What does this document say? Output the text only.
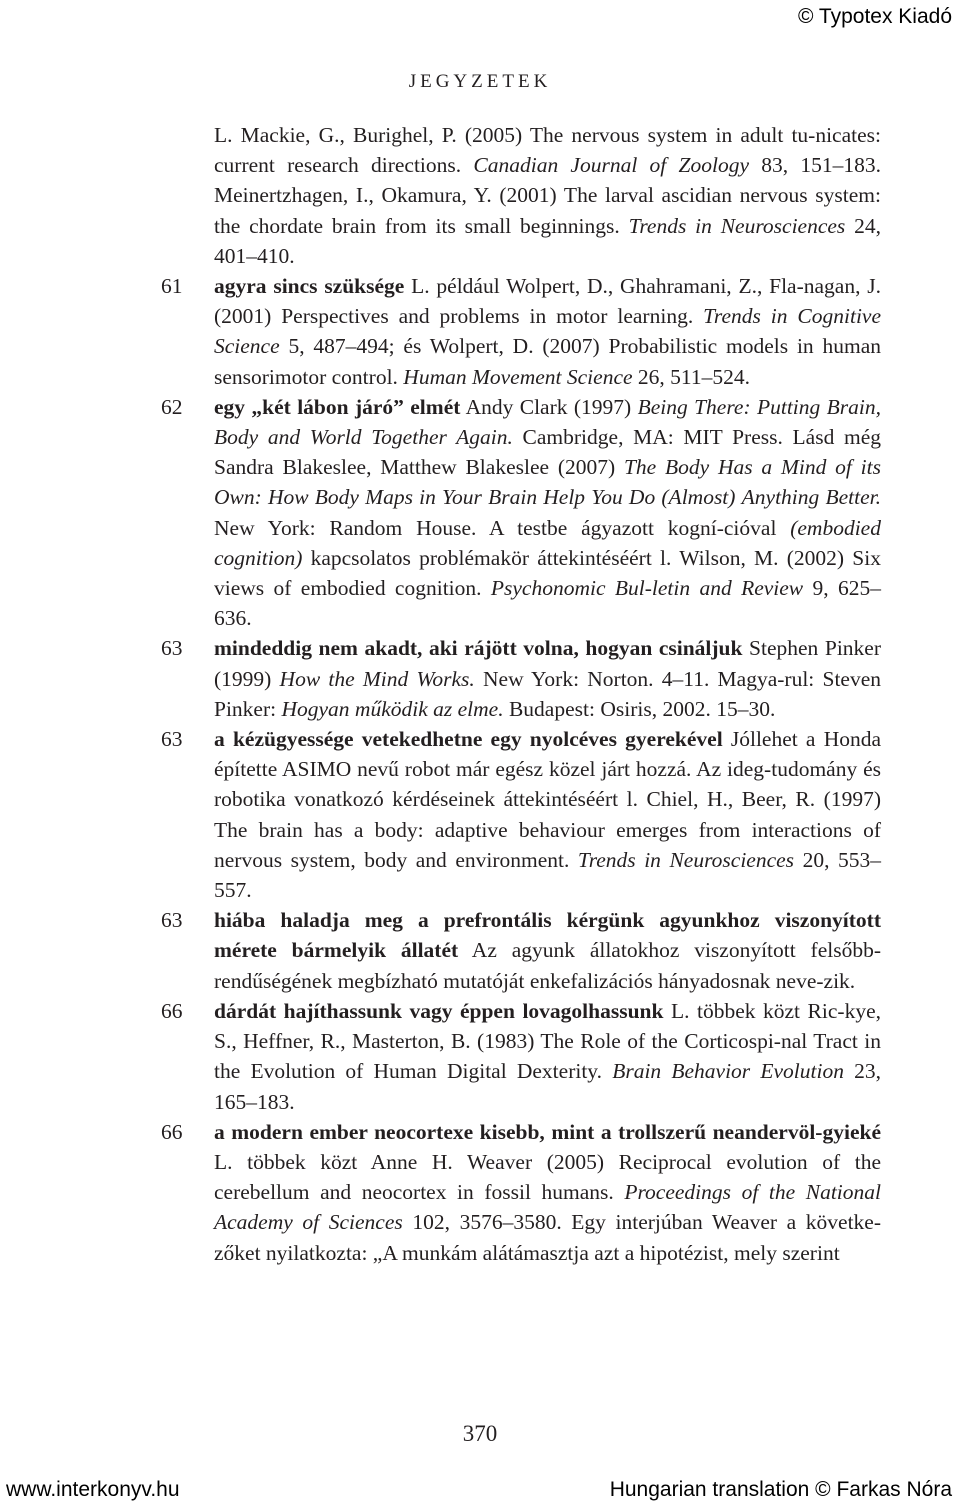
© Typotex Kiadó
JEGYZETEK
L. Mackie, G., Burighel, P. (2005) The nervous system in adult tu-nicates: current research directions. Canadian Journal of Zoology 83, 151–183. Meinertzhagen, I., Okamura, Y. (2001) The larval ascidian nervous system: the chordate brain from its small beginnings. Trends in Neurosciences 24, 401–410.
61	agyra sincs szüksége L. például Wolpert, D., Ghahramani, Z., Fla-nagan, J. (2001) Perspectives and problems in motor learning. Trends in Cognitive Science 5, 487–494; és Wolpert, D. (2007) Probabilistic models in human sensorimotor control. Human Movement Science 26, 511–524.
62	egy „két lábon járó” elmét Andy Clark (1997) Being There: Putting Brain, Body and World Together Again. Cambridge, MA: MIT Press. Lásd még Sandra Blakeslee, Matthew Blakeslee (2007) The Body Has a Mind of its Own: How Body Maps in Your Brain Help You Do (Almost) Anything Better. New York: Random House. A testbe ágyazott kogní-cióval (embodied cognition) kapcsolatos problémakör áttekintéséért l. Wilson, M. (2002) Six views of embodied cognition. Psychonomic Bul-letin and Review 9, 625–636.
63	mindeddig nem akadt, aki rájött volna, hogyan csináljuk Stephen Pinker (1999) How the Mind Works. New York: Norton. 4–11. Magya-rul: Steven Pinker: Hogyan működik az elme. Budapest: Osiris, 2002. 15–30.
63	a kézügyessége vetekedhetne egy nyolcéves gyerekével Jóllehet a Honda építette ASIMO nevű robot már egész közel járt hozzá. Az ideg-tudomány és robotika vonatkozó kérdéseinek áttekintéséért l. Chiel, H., Beer, R. (1997) The brain has a body: adaptive behaviour emerges from interactions of nervous system, body and environment. Trends in Neurosciences 20, 553–557.
63	hiába haladja meg a prefrontális kérgünk agyunkhoz viszonyított mérete bármelyik állatét Az agyunk állatokhoz viszonyított felsőbb-rendűségének megbízható mutatóját enkefalizációs hányadosnak neve-zik.
66	dárdát hajíthassunk vagy éppen lovagolhassunk L. többek közt Ric-kye, S., Heffner, R., Masterton, B. (1983) The Role of the Corticospi-nal Tract in the Evolution of Human Digital Dexterity. Brain Behavior Evolution 23, 165–183.
66	a modern ember neocortexe kisebb, mint a trollszerű neandervöl-gyieké L. többek közt Anne H. Weaver (2005) Reciprocal evolution of the cerebellum and neocortex in fossil humans. Proceedings of the National Academy of Sciences 102, 3576–3580. Egy interjúban Weaver a követke-zőket nyilatkozta: „A munkám alátámasztja azt a hipotézist, mely szerint
370
www.interkonyv.hu	Hungarian translation © Farkas Nóra
